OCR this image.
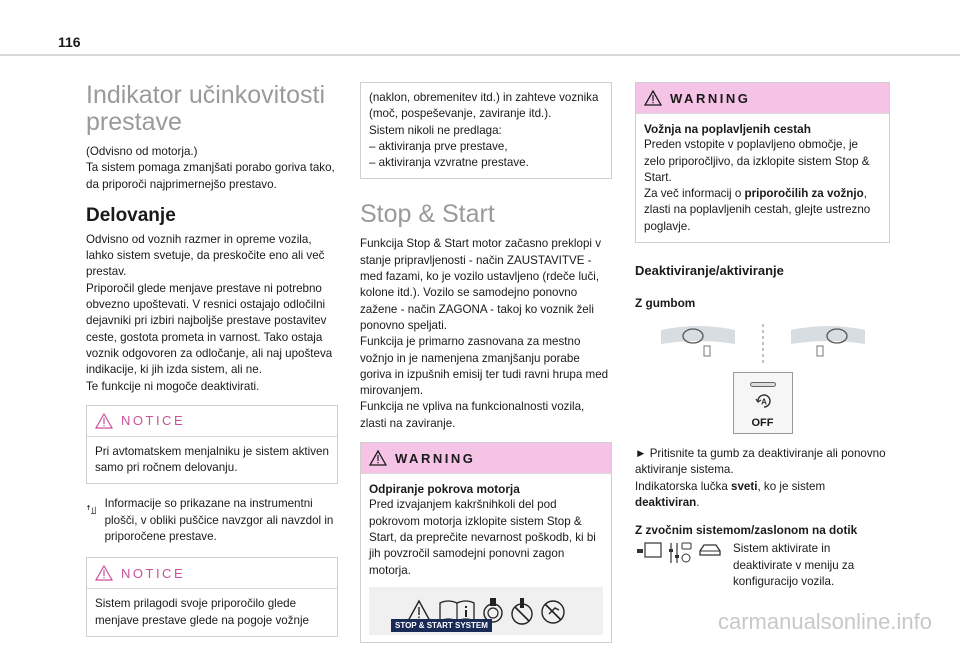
116
Indikator učinkovitosti prestave

(Odvisno od motorja.)

Ta sistem pomaga zmanjšati porabo goriva tako, da priporoči najprimernejšo prestavo.

Delovanje

Odvisno od voznih razmer in opreme vozila, lahko sistem svetuje, da preskočite eno ali več prestav.

Priporočil glede menjave prestave ni potrebno obvezno upoštevati. V resnici ostajajo odločilni dejavniki pri izbiri najboljše prestave postavitev ceste, gostota prometa in varnost. Tako ostaja voznik odgovoren za odločanje, ali naj upošteva indikacije, ki jih izda sistem, ali ne.

Te funkcije ni mogoče deaktivirati.

NOTICE

Pri avtomatskem menjalniku je sistem aktiven samo pri ročnem delovanju.

Informacije so prikazane na instrumentni plošči, v obliki puščice navzgor ali navzdol in priporočene prestave.

NOTICE

Sistem prilagodi svoje priporočilo glede menjave prestave glede na pogoje vožnje

(naklon, obremenitev itd.) in zahteve voznika (moč, pospeševanje, zaviranje itd.).

Sistem nikoli ne predlaga:

– aktiviranja prve prestave,

– aktiviranja vzvratne prestave.

Stop & Start

Funkcija Stop & Start motor začasno preklopi v stanje pripravljenosti - način ZAUSTAVITVE - med fazami, ko je vozilo ustavljeno (rdeče luči, kolone itd.). Vozilo se samodejno ponovno zažene - način ZAGONA - takoj ko voznik želi ponovno speljati.

Funkcija je primarno zasnovana za mestno vožnjo in je namenjena zmanjšanju porabe goriva in izpušnih emisij ter tudi ravni hrupa med mirovanjem.

Funkcija ne vpliva na funkcionalnosti vozila, zlasti na zaviranje.

WARNING

Odpiranje pokrova motorja

Pred izvajanjem kakršnihkoli del pod pokrovom motorja izklopite sistem Stop & Start, da preprečite nevarnost poškodb, ki bi jih povzročil samodejni ponovni zagon motorja.

STOP & START SYSTEM
WARNING

Vožnja na poplavljenih cestah

Preden vstopite v poplavljeno območje, je zelo priporočljivo, da izklopite sistem Stop & Start.

Za več informacij o priporočilih za vožnjo, zlasti na poplavljenih cestah, glejte ustrezno poglavje.

Deaktiviranje/aktiviranje
Z gumbom
A
OFF

► Pritisnite ta gumb za deaktiviranje ali ponovno aktiviranje sistema.

Indikatorska lučka sveti, ko je sistem deaktiviran.

Z zvočnim sistemom/zaslonom na dotik

Sistem aktivirate in deaktivirate v meniju za konfiguracijo vozila.

carmanualsonline.info
